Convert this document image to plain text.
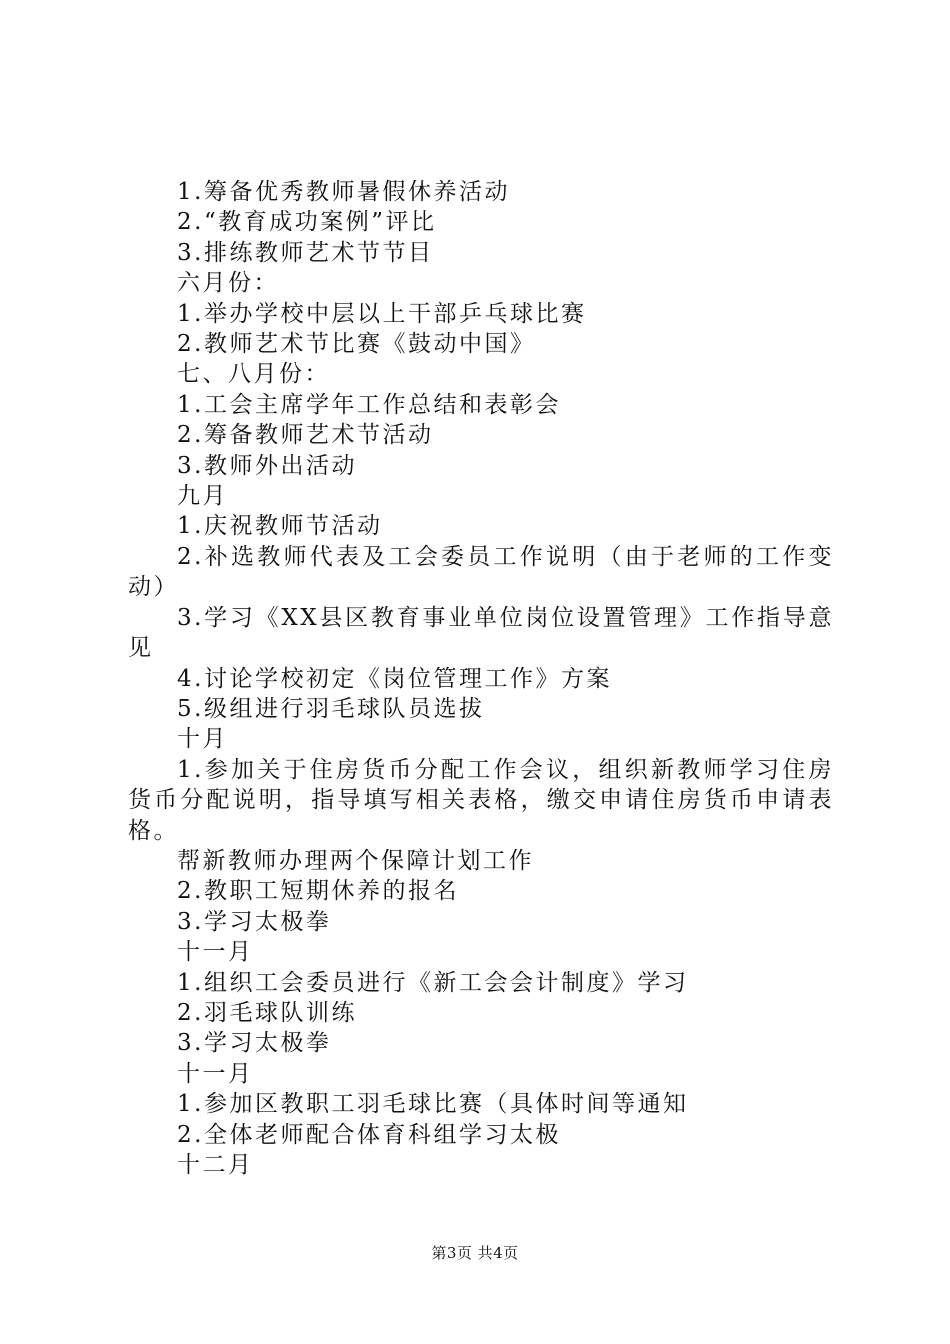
1.筹备优秀教师暑假休养活动

2.“教育成功案例”评比

3.排练教师艺术节节目

六月份：

1.举办学校中层以上干部乒乓球比赛

2.教师艺术节比赛《鼓动中国》

七、八月份：

1.工会主席学年工作总结和表彰会

2.筹备教师艺术节活动

3.教师外出活动

九月

1.庆祝教师节活动

2.补选教师代表及工会委员工作说明（由于老师的工作变动）

3.学习《XX县区教育事业单位岗位设置管理》工作指导意见

4.讨论学校初定《岗位管理工作》方案

5.级组进行羽毛球队员选拔

十月

1.参加关于住房货币分配工作会议，组织新教师学习住房货币分配说明，指导填写相关表格，缴交申请住房货币申请表格。

帮新教师办理两个保障计划工作

2.教职工短期休养的报名

3.学习太极拳

十一月

1.组织工会委员进行《新工会会计制度》学习

2.羽毛球队训练

3.学习太极拳

十一月

1.参加区教职工羽毛球比赛（具体时间等通知

2.全体老师配合体育科组学习太极

十二月

第3页 共4页
